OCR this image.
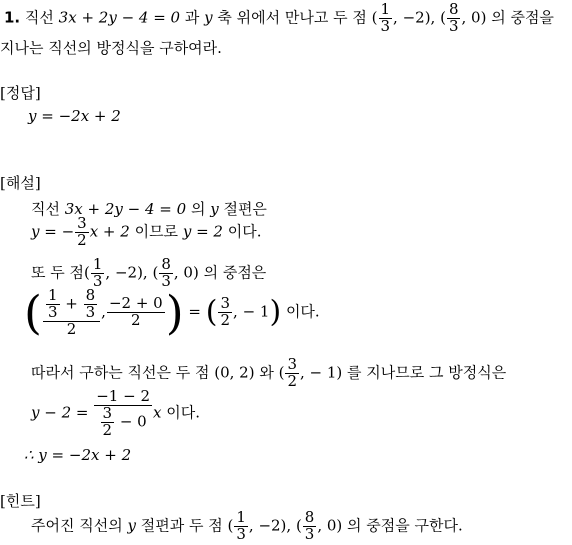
1. 직선 3x + 2y − 4 = 0 과 y 축 위에서 만나고 두 점 ( $\frac{1}{3}$ , −2), ( $\frac{8}{3}$ , 0) 의 중점을
지나는 직선의 방정식을 구하여라.
[정답]
y = −2x + 2
[해설]
직선 3x + 2y − 4 = 0 의 y 절편은
y = − $\frac{3}{2}$ x + 2 이므로 y = 2 이다.
또 두 점( $\frac{1}{3}$ , −2), ( $\frac{8}{3}$ , 0) 의 중점은
( $\frac{\frac{1}{3} + \frac{8}{3}}{2}$ , $\frac{-2 + 0}{2}$ ) = ( $\frac{3}{2}$ , − 1) 이다.
따라서 구하는 직선은 두 점 (0, 2) 와 ( $\frac{3}{2}$ , − 1) 를 지나므로 그 방정식은
$y - 2 = \frac{-1 - 2}{\frac{3}{2} - 0}$ x 이다.
∴ y = −2x + 2
[힌트]
주어진 직선의 y 절편과 두 점 ( $\frac{1}{3}$ , −2), ( $\frac{8}{3}$ , 0) 의 중점을 구한다.
